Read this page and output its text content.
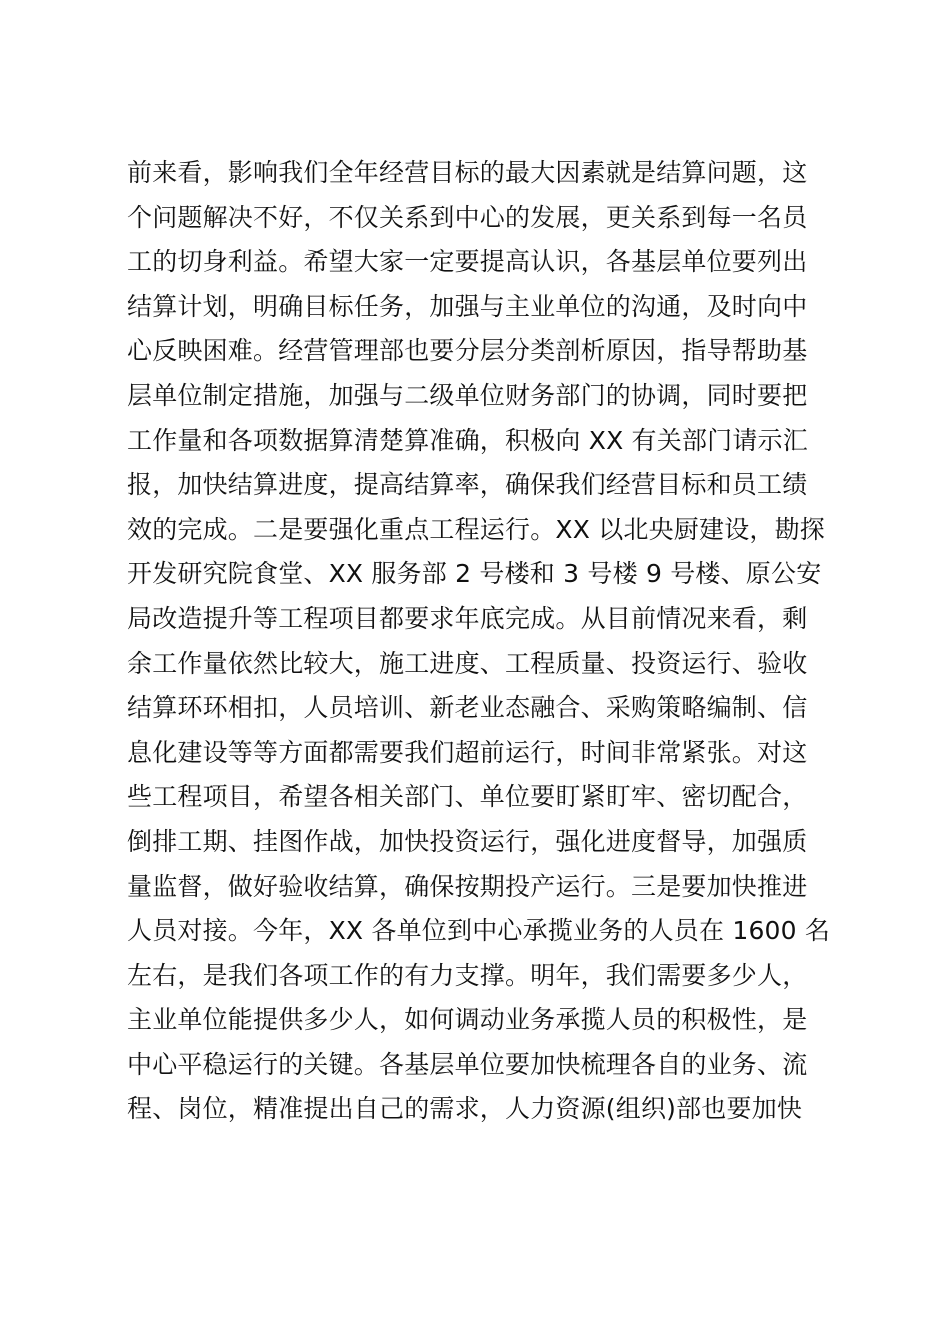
前来看，影响我们全年经营目标的最大因素就是结算问题，这
个问题解决不好，不仅关系到中心的发展，更关系到每一名员
工的切身利益。希望大家一定要提高认识，各基层单位要列出
结算计划，明确目标任务，加强与主业单位的沟通，及时向中
心反映困难。经营管理部也要分层分类剖析原因，指导帮助基
层单位制定措施，加强与二级单位财务部门的协调，同时要把
工作量和各项数据算清楚算准确，积极向 XX 有关部门请示汇
报，加快结算进度，提高结算率，确保我们经营目标和员工绩
效的完成。二是要强化重点工程运行。XX 以北央厨建设，勘探
开发研究院食堂、XX 服务部 2 号楼和 3 号楼 9 号楼、原公安
局改造提升等工程项目都要求年底完成。从目前情况来看，剩
余工作量依然比较大，施工进度、工程质量、投资运行、验收
结算环环相扣，人员培训、新老业态融合、采购策略编制、信
息化建设等等方面都需要我们超前运行，时间非常紧张。对这
些工程项目，希望各相关部门、单位要盯紧盯牢、密切配合，
倒排工期、挂图作战，加快投资运行，强化进度督导，加强质
量监督，做好验收结算，确保按期投产运行。三是要加快推进
人员对接。今年，XX 各单位到中心承揽业务的人员在 1600 名
左右，是我们各项工作的有力支撑。明年，我们需要多少人，
主业单位能提供多少人，如何调动业务承揽人员的积极性，是
中心平稳运行的关键。各基层单位要加快梳理各自的业务、流
程、岗位，精准提出自己的需求，人力资源(组织)部也要加快
